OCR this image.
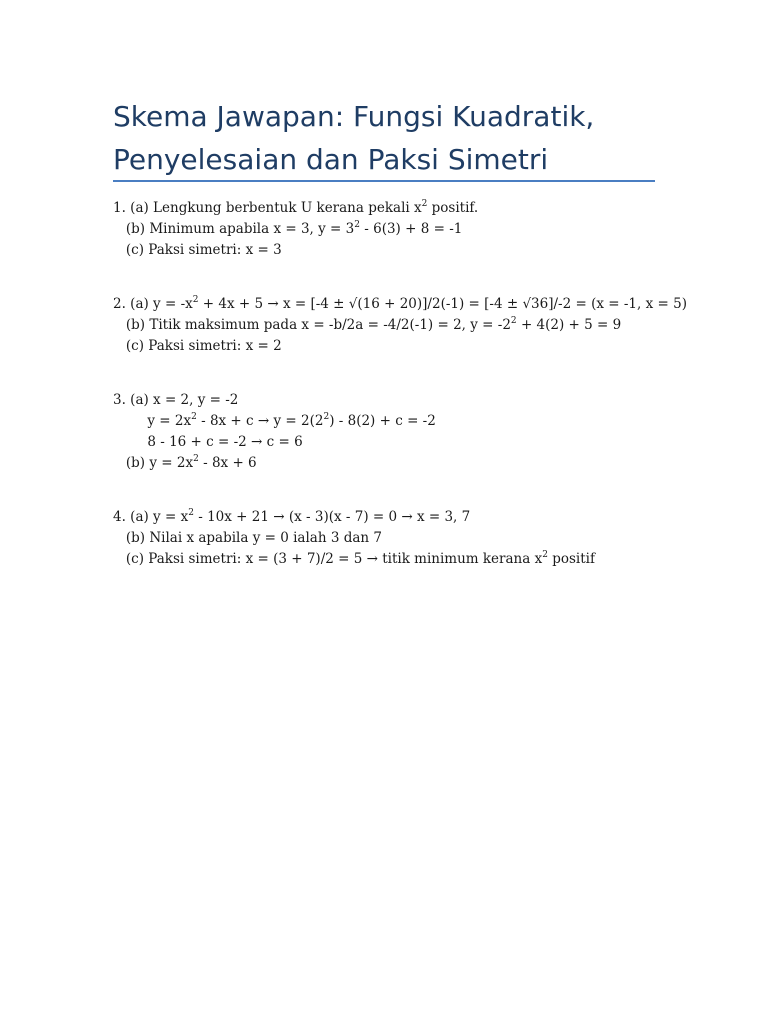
Skema Jawapan: Fungsi Kuadratik, Penyelesaian dan Paksi Simetri
1. (a) Lengkung berbentuk U kerana pekali $x^2$ positif.
(b) Minimum apabila x = 3, $y = 3^2 - 6(3) + 8 = -1$
(c) Paksi simetri: x = 3
2. (a) $y = -x^2 + 4x + 5 \to x = [-4 \pm √(16 + 20)]/2(-1) = [-4 \pm √36]/-2 = (x = -1$, x = 5)
(b) Titik maksimum pada x = -b/2a = -4/2(-1) = 2, $y = -2^2 + 4(2) + 5 = 9$
(c) Paksi simetri: x = 2
3. (a) x = 2, y = -2
$y = 2x^2 - 8x + c \to y = 2(2^2) - 8(2) + c = -2$
8 - 16 + c = -2 → c = 6
(b) $y = 2x^2 - 8x + 6$
4. (a) $y = x^2 - 10x + 21 \to (x - 3)(x - 7) = 0 \to x = 3$, 7
(b) Nilai x apabila y = 0 ialah 3 dan 7
(c) Paksi simetri: x = (3 + 7)/2 = 5 → titik minimum kerana $x^2$ positif
